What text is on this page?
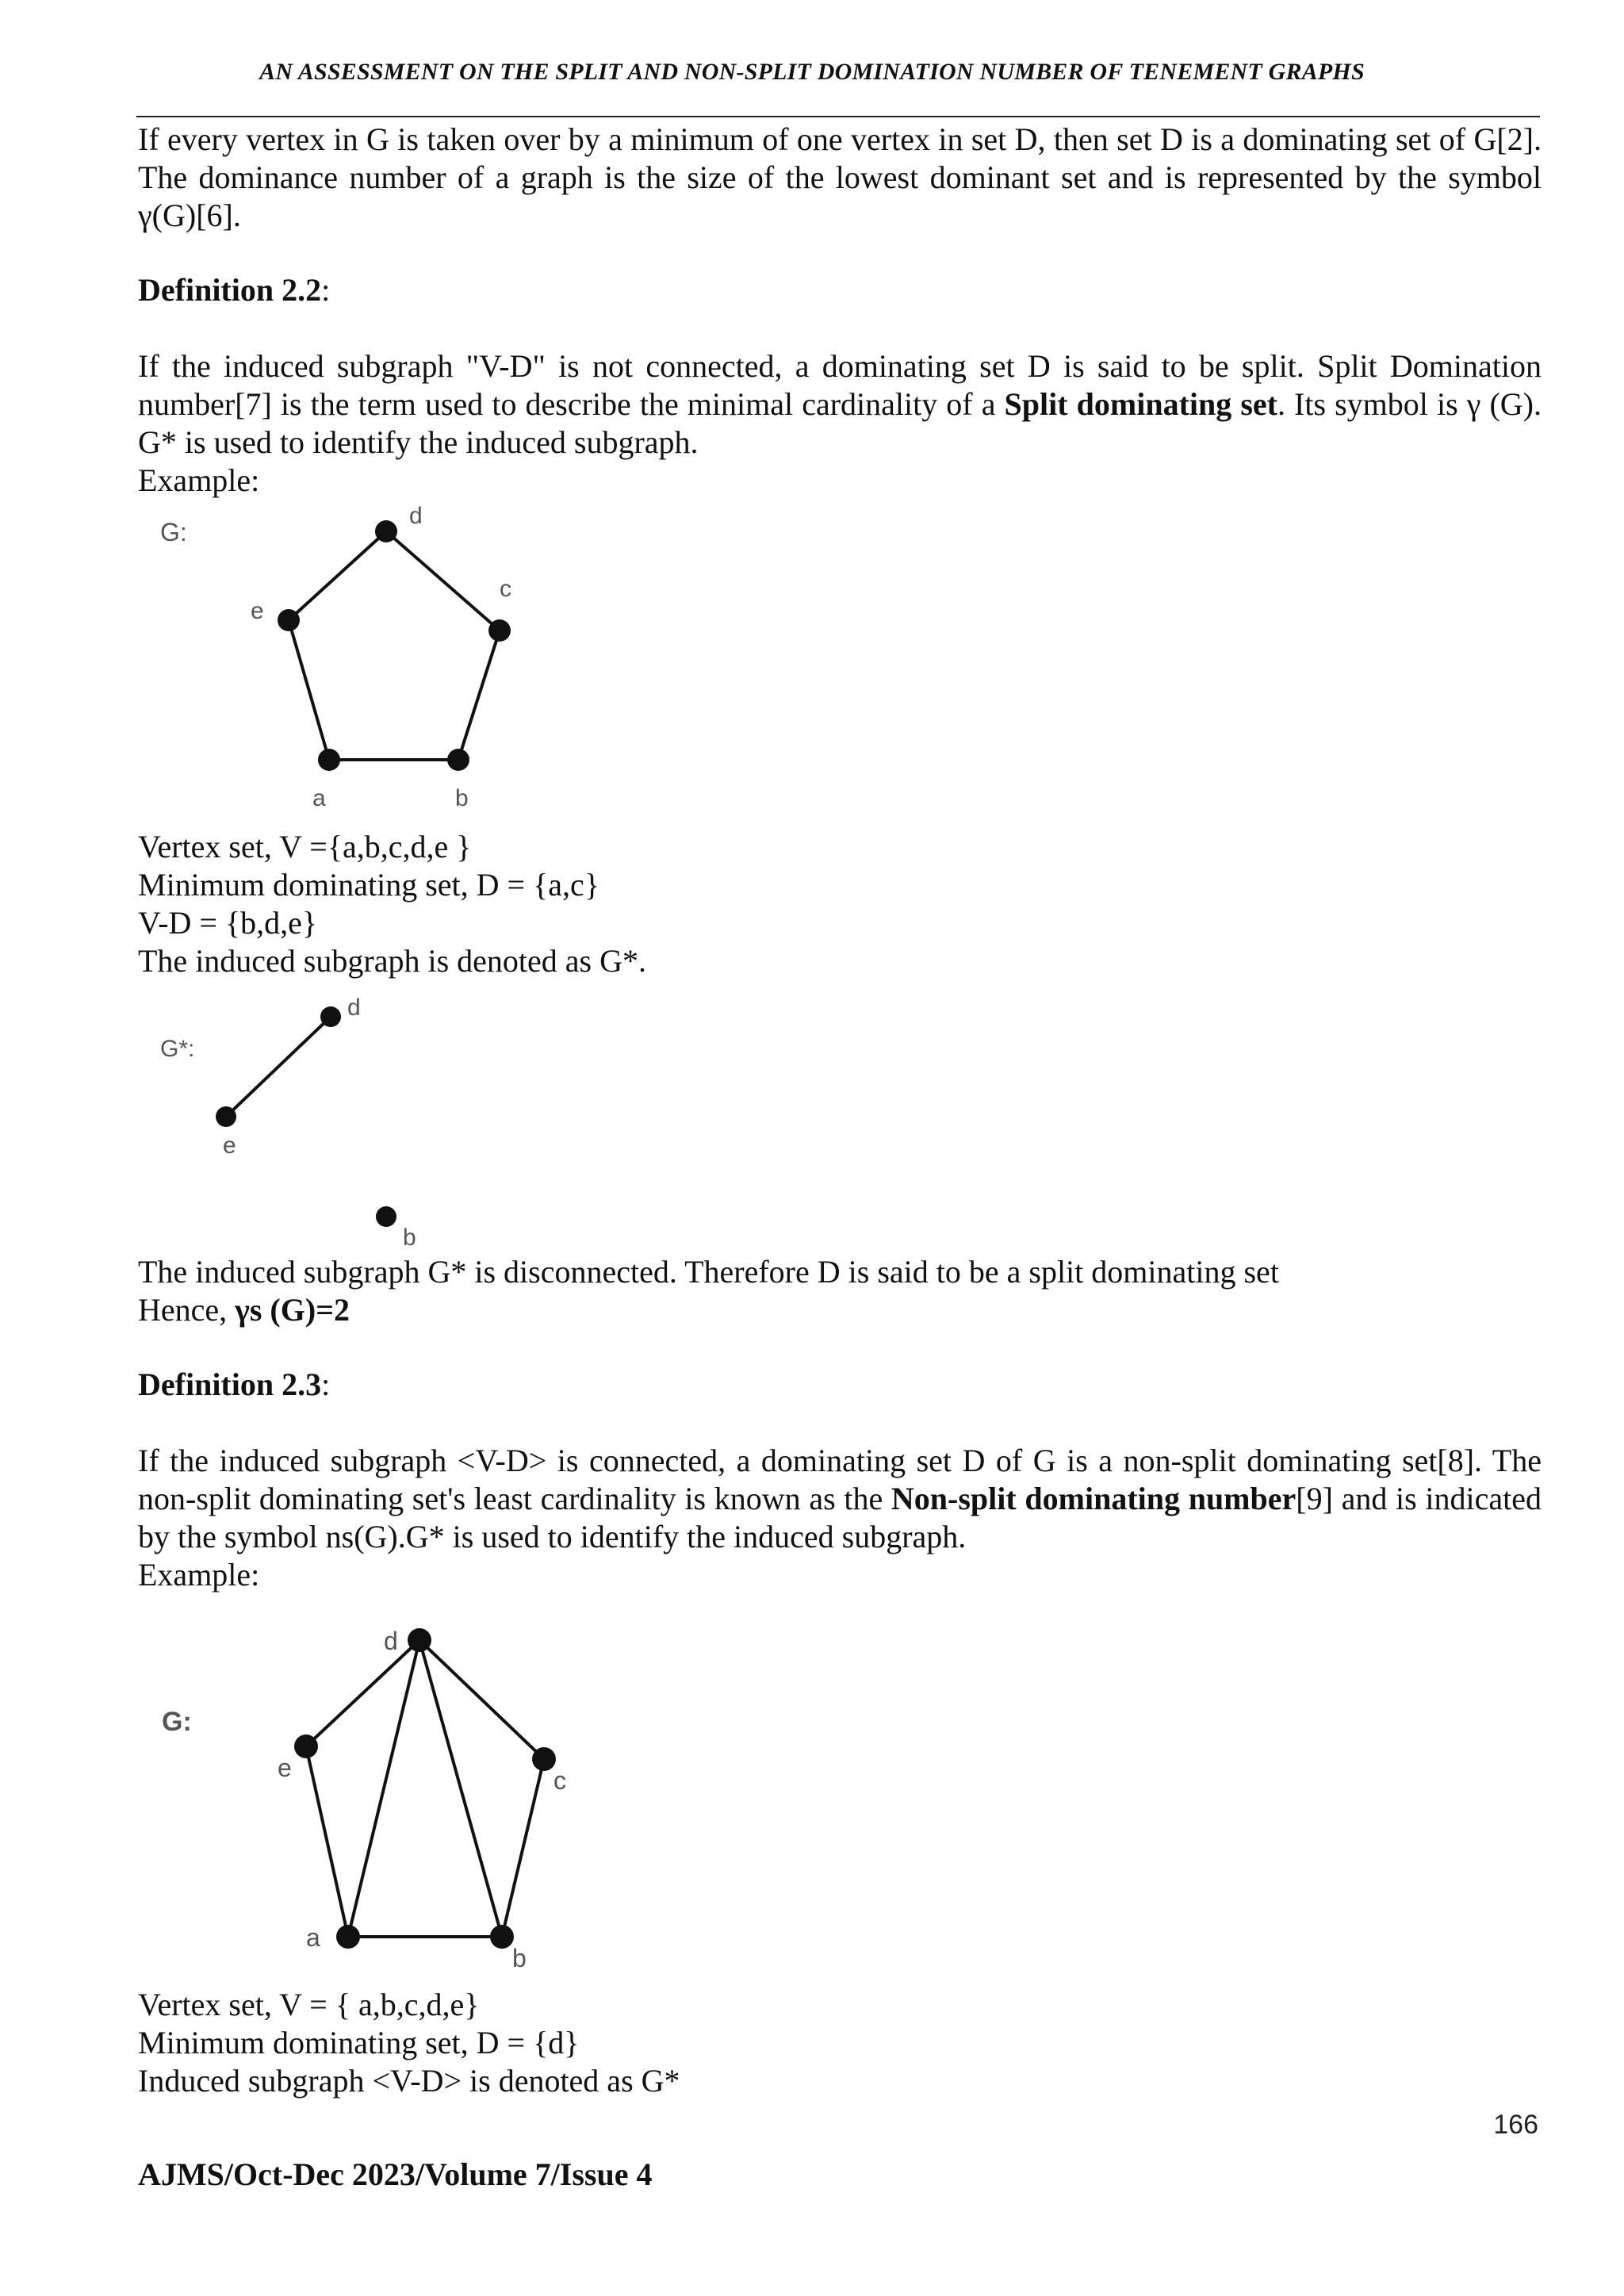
AN ASSESSMENT ON THE SPLIT AND NON-SPLIT DOMINATION NUMBER OF TENEMENT GRAPHS

If every vertex in G is taken over by a minimum of one vertex in set D, then set D is a dominating set of G[2]. The dominance number of a graph is the size of the lowest dominant set and is represented by the symbol γ(G)[6].

Definition 2.2:

If the induced subgraph "V-D" is not connected, a dominating set D is said to be split. Split Domination number[7] is the term used to describe the minimal cardinality of a Split dominating set. Its symbol is γ (G). G* is used to identify the induced subgraph.

Example:
G:
d
e
c
a	b
Vertex set, V ={a,b,c,d,e }
Minimum dominating set, D = {a,c}
V-D = {b,d,e}
The induced subgraph is denoted as G*.
G*:
d
e
b
The induced subgraph G* is disconnected. Therefore D is said to be a split dominating set
Hence, γs (G)=2
Definition 2.3:

If the induced subgraph <V-D> is connected, a dominating set D of G is a non-split dominating set[8]. The non-split dominating set's least cardinality is known as the Non-split dominating number[9] and is indicated by the symbol ns(G).G* is used to identify the induced subgraph.

Example:
G:
d
e	c
a
b
Vertex set, V = { a,b,c,d,e}
Minimum dominating set, D = {d}
Induced subgraph <V-D> is denoted as G*
166
AJMS/Oct-Dec 2023/Volume 7/Issue 4
